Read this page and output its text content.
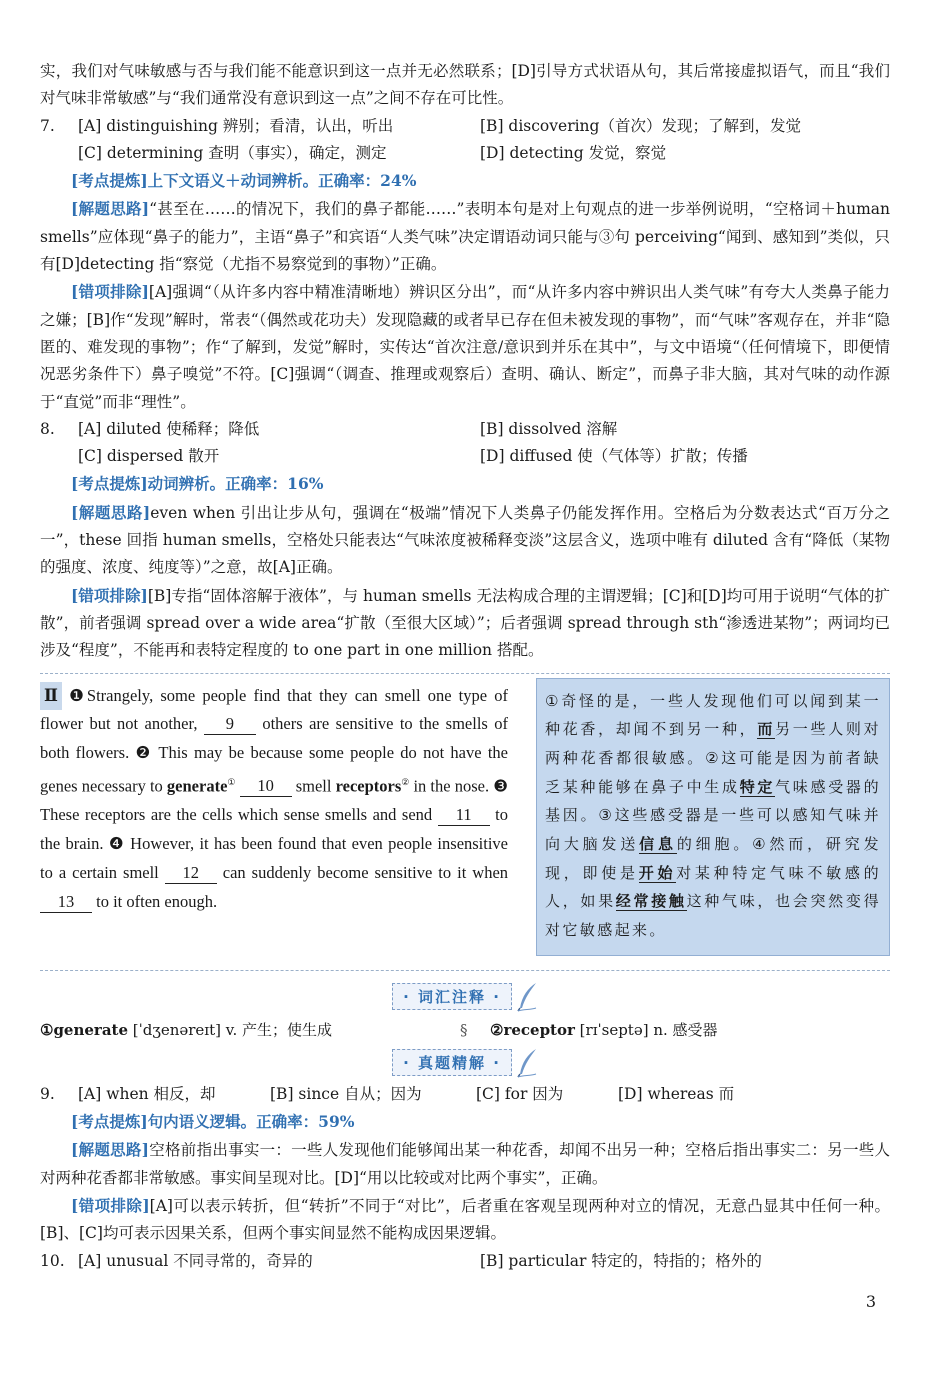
实，我们对气味敏感与否与我们能不能意识到这一点并无必然联系；[D]引导方式状语从句，其后常接虚拟语气，而且“我们对气味非常敏感”与“我们通常没有意识到这一点”之间不存在可比性。

7.	[A] distinguishing 辨别；看清，认出，听出	[B] discovering（首次）发现；了解到，发觉
[C] determining 查明（事实），确定，测定	[D] detecting 发觉，察觉

[考点提炼]上下文语义＋动词辨析。正确率：24%

[解题思路]“甚至在……的情况下，我们的鼻子都能……”表明本句是对上句观点的进一步举例说明，“空格词＋human smells”应体现“鼻子的能力”，主语“鼻子”和宾语“人类气味”决定谓语动词只能与③句 perceiving“闻到、感知到”类似，只有[D]detecting 指“察觉（尤指不易察觉到的事物）”正确。

[错项排除][A]强调“（从许多内容中精准清晰地）辨识区分出”，而“从许多内容中辨识出人类气味”有夸大人类鼻子能力之嫌；[B]作“发现”解时，常表“（偶然或花功夫）发现隐藏的或者早已存在但未被发现的事物”，而“气味”客观存在，并非“隐匿的、难发现的事物”；作“了解到，发觉”解时，实传达“首次注意/意识到并乐在其中”，与文中语境“（任何情境下，即便情况恶劣条件下）鼻子嗅觉”不符。[C]强调“（调查、推理或观察后）查明、确认、断定”，而鼻子非大脑，其对气味的动作源于“直觉”而非“理性”。

8.	[A] diluted 使稀释；降低	[B] dissolved 溶解
[C] dispersed 散开	[D] diffused 使（气体等）扩散；传播

[考点提炼]动词辨析。正确率：16%

[解题思路]even when 引出让步从句，强调在“极端”情况下人类鼻子仍能发挥作用。空格后为分数表达式“百万分之一”，these 回指 human smells，空格处只能表达“气味浓度被稀释变淡”这层含义，选项中唯有 diluted 含有“降低（某物的强度、浓度、纯度等）”之意，故[A]正确。

[错项排除][B]专指“固体溶解于液体”，与 human smells 无法构成合理的主谓逻辑；[C]和[D]均可用于说明“气体的扩散”，前者强调 spread over a wide area“扩散（至很大区域）”；后者强调 spread through sth“渗透进某物”；两词均已涉及“程度”，不能再和表特定程度的 to one part in one million 搭配。

Ⅱ ❶Strangely, some people find that they can smell one type of flower but not another, 9 others are sensitive to the smells of both flowers. ❷ This may be because some people do not have the genes necessary to generate① 10 smell receptors② in the nose. ❸ These receptors are the cells which sense smells and send 11 to the brain. ❹ However, it has been found that even people insensitive to a certain smell 12 can suddenly become sensitive to it when 13 to it often enough.
①奇怪的是，一些人发现他们可以闻到某一种花香，却闻不到另一种，而另一些人则对两种花香都很敏感。②这可能是因为前者缺乏某种能够在鼻子中生成特定气味感受器的基因。③这些感受器是一些可以感知气味并向大脑发送信息的细胞。④然而，研究发现，即使是开始对某种特定气味不敏感的人，如果经常接触这种气味，也会突然变得对它敏感起来。
· 词汇注释 ·
①generate [ˈdʒenəreɪt] v. 产生；使生成	§	②receptor [rɪˈseptə] n. 感受器
· 真题精解 ·
9.	[A] when 相反，却	[B] since 自从；因为	[C] for 因为	[D] whereas 而

[考点提炼]句内语义逻辑。正确率：59%

[解题思路]空格前指出事实一：一些人发现他们能够闻出某一种花香，却闻不出另一种；空格后指出事实二：另一些人对两种花香都非常敏感。事实间呈现对比。[D]“用以比较或对比两个事实”，正确。

[错项排除][A]可以表示转折，但“转折”不同于“对比”，后者重在客观呈现两种对立的情况，无意凸显其中任何一种。[B]、[C]均可表示因果关系，但两个事实间显然不能构成因果逻辑。

10. [A] unusual 不同寻常的，奇异的	[B] particular 特定的，特指的；格外的
3
